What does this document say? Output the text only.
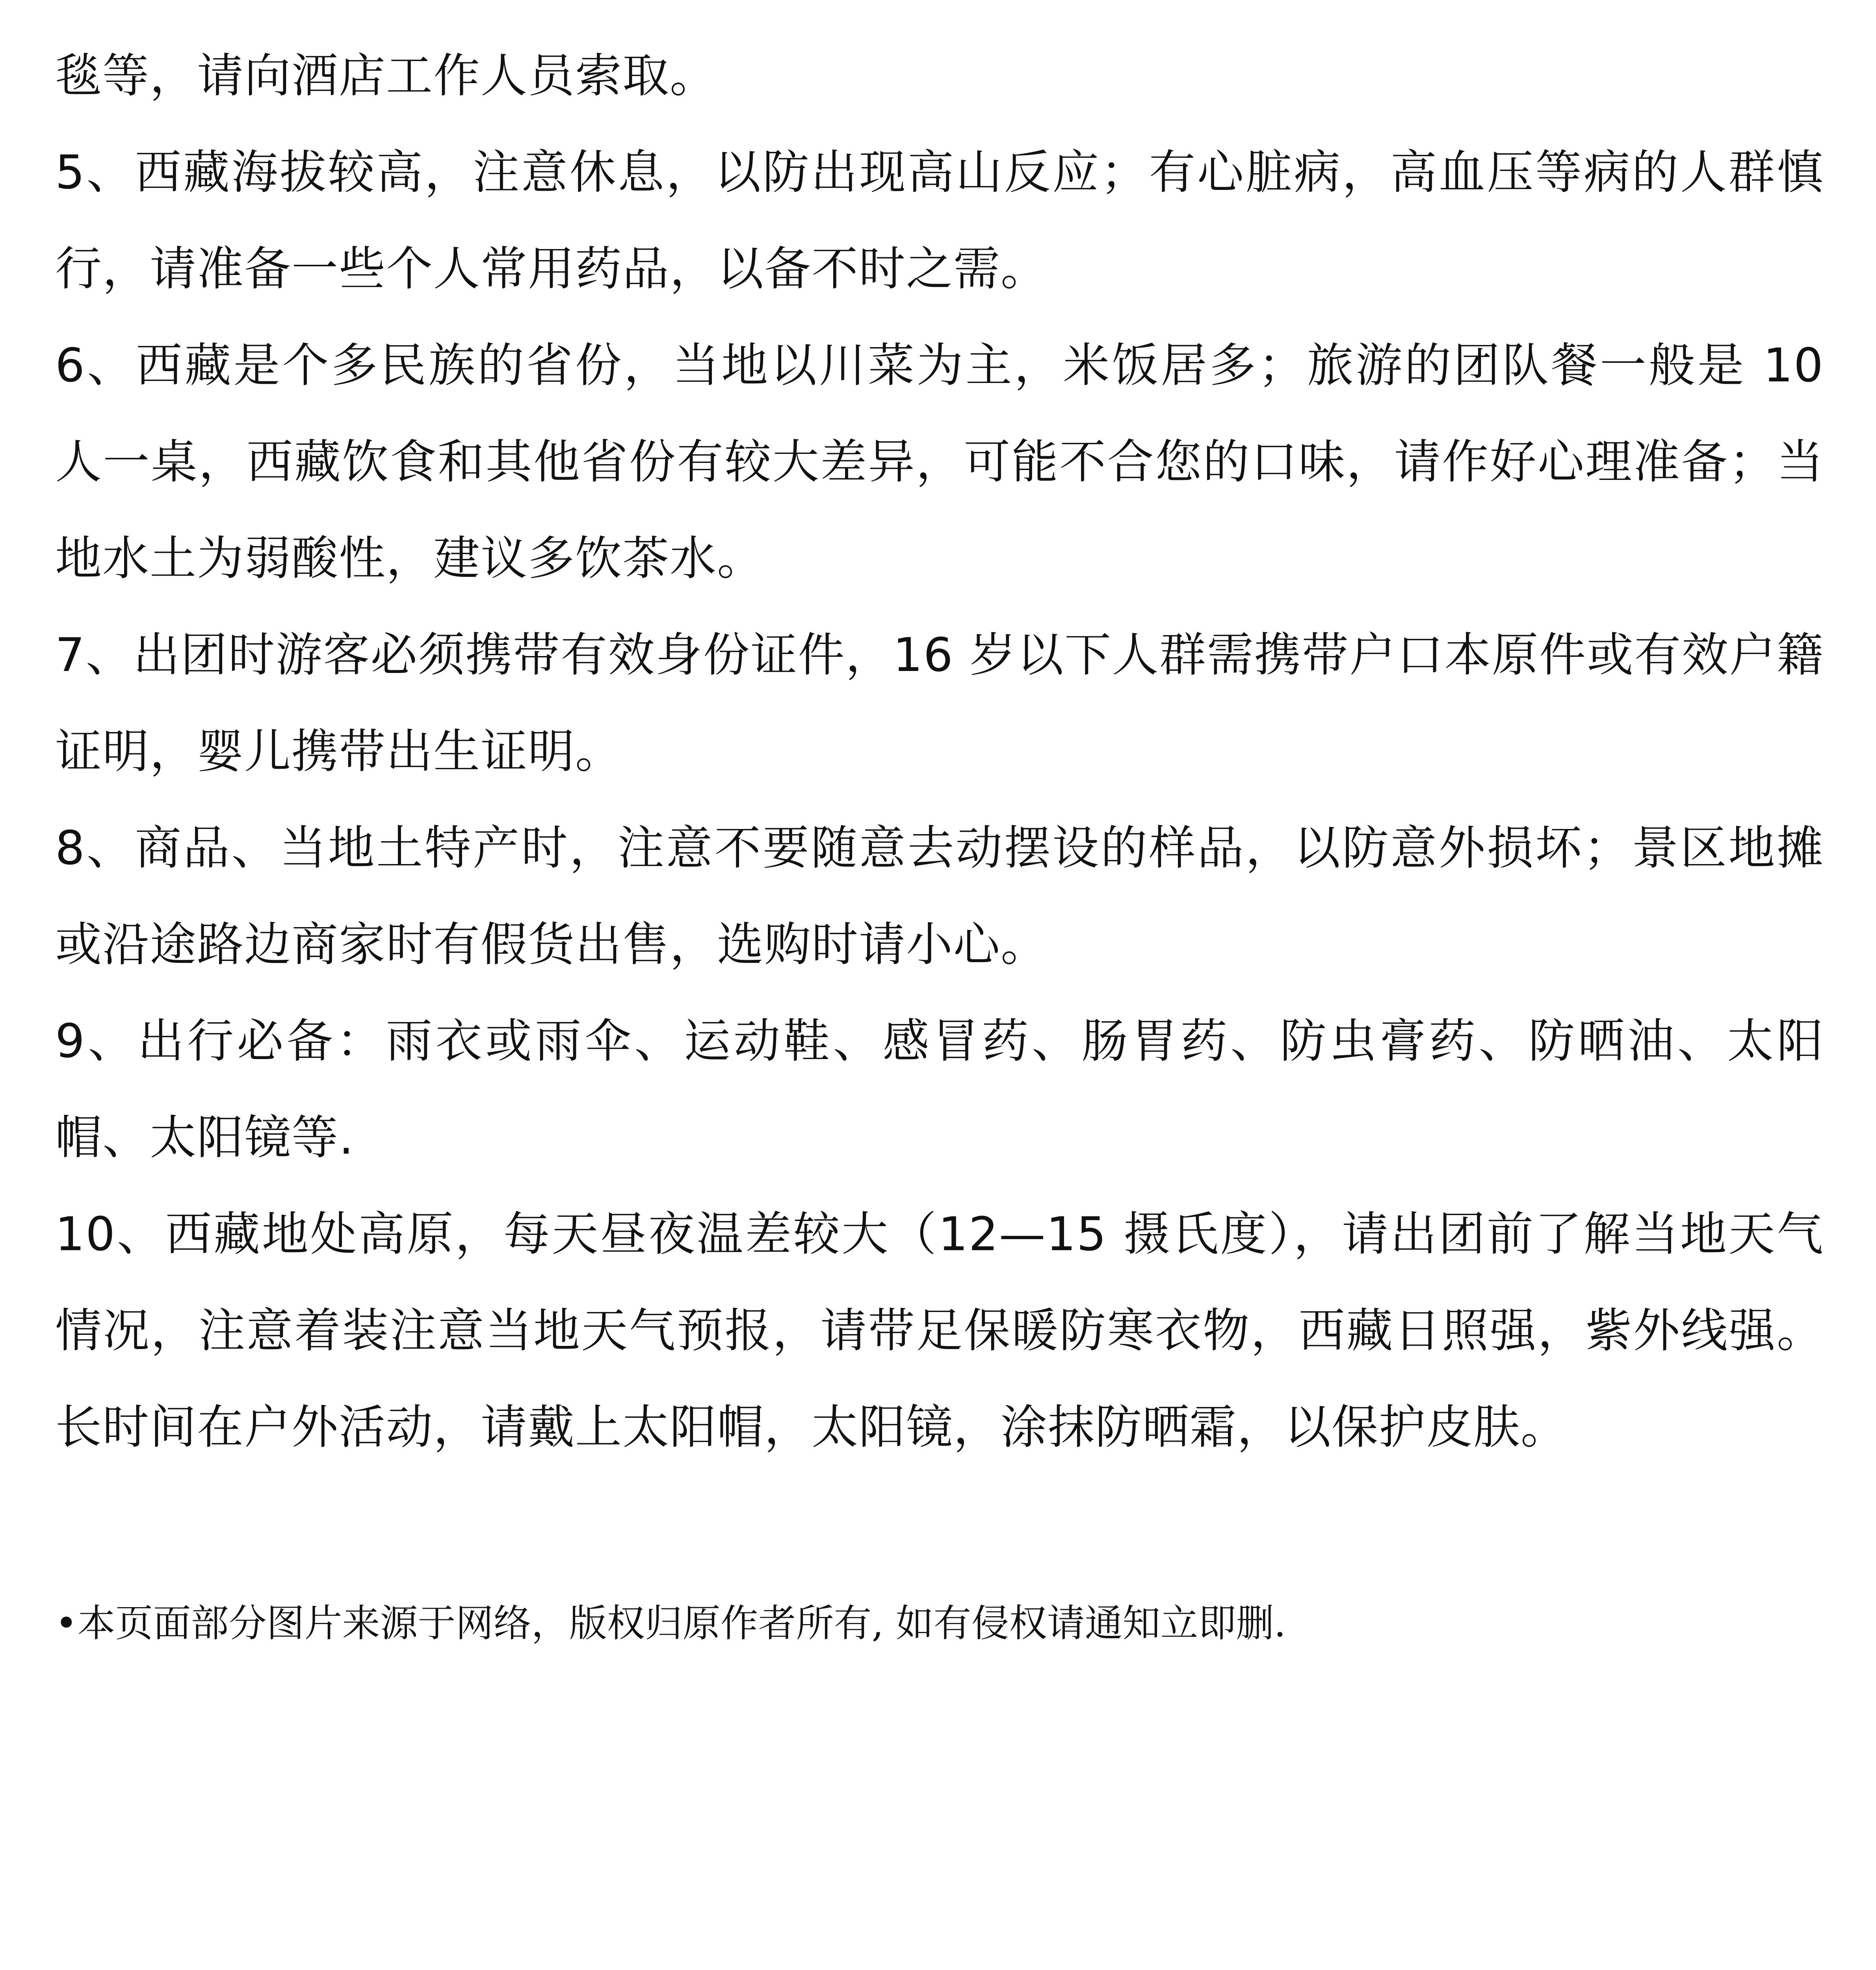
毯等，请向酒店工作人员索取。

5、西藏海拔较高，注意休息，以防出现高山反应；有心脏病，高血压等病的人群慎行，请准备一些个人常用药品，以备不时之需。

6、西藏是个多民族的省份，当地以川菜为主，米饭居多；旅游的团队餐一般是 10 人一桌，西藏饮食和其他省份有较大差异，可能不合您的口味，请作好心理准备；当地水土为弱酸性，建议多饮茶水。

7、出团时游客必须携带有效身份证件，16 岁以下人群需携带户口本原件或有效户籍证明，婴儿携带出生证明。

8、商品、当地土特产时，注意不要随意去动摆设的样品，以防意外损坏；景区地摊或沿途路边商家时有假货出售，选购时请小心。

9、出行必备：雨衣或雨伞、运动鞋、感冒药、肠胃药、防虫膏药、防晒油、太阳帽、太阳镜等.

10、西藏地处高原，每天昼夜温差较大（12—15 摄氏度），请出团前了解当地天气情况，注意着装注意当地天气预报，请带足保暖防寒衣物，西藏日照强，紫外线强。长时间在户外活动，请戴上太阳帽，太阳镜，涂抹防晒霜，以保护皮肤。

•本页面部分图片来源于网络，版权归原作者所有, 如有侵权请通知立即删.
